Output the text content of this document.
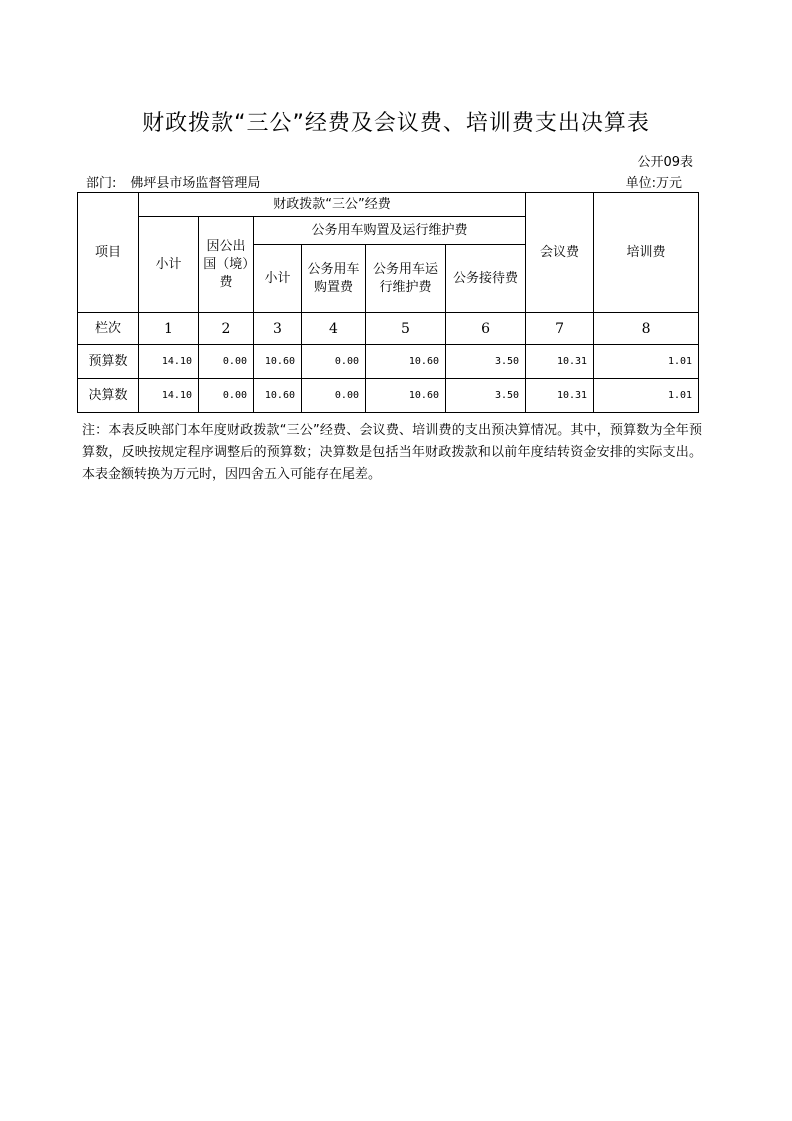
财政拨款“三公”经费及会议费、培训费支出决算表
公开09表
部门: 佛坪县市场监督管理局	单位:万元
项目	财政拨款“三公”经费						会议费	培训费
	小计	因公出国（境）费	公务用车购置及运行维护费					
			小计	公务用车购置费	公务用车运行维护费	公务接待费		
栏次	1	2	3	4	5	6	7	8
预算数	14.10	0.00	10.60	0.00	10.60	3.50	10.31	1.01
决算数	14.10	0.00	10.60	0.00	10.60	3.50	10.31	1.01
注：本表反映部门本年度财政拨款“三公”经费、会议费、培训费的支出预决算情况。其中，预算数为全年预算数，反映按规定程序调整后的预算数；决算数是包括当年财政拨款和以前年度结转资金安排的实际支出。本表金额转换为万元时，因四舍五入可能存在尾差。
